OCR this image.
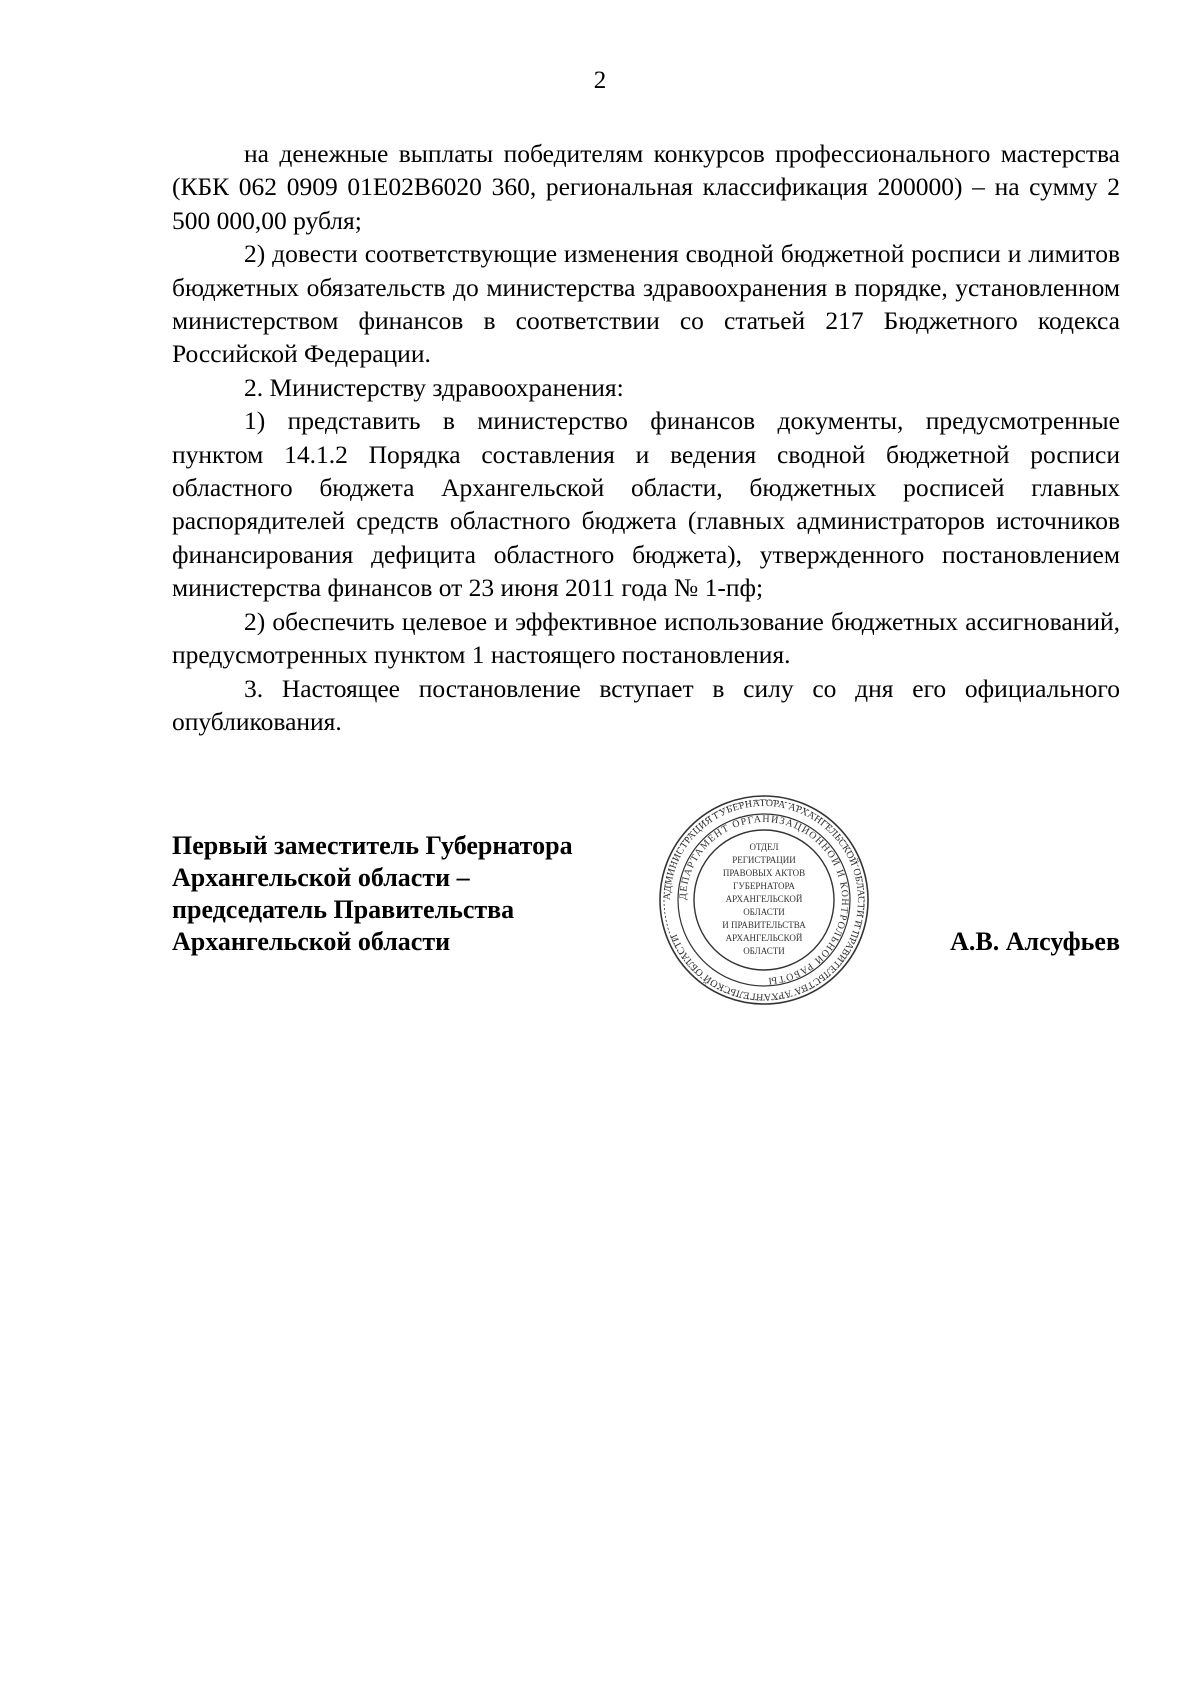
2

на денежные выплаты победителям конкурсов профессионального мастерства (КБК 062 0909 01Е02В6020 360, региональная классификация 200000) – на сумму 2 500 000,00 рубля;

2) довести соответствующие изменения сводной бюджетной росписи и лимитов бюджетных обязательств до министерства здравоохранения в порядке, установленном министерством финансов в соответствии со статьей 217 Бюджетного кодекса Российской Федерации.

2. Министерству здравоохранения:

1) представить в министерство финансов документы, предусмотренные пунктом 14.1.2 Порядка составления и ведения сводной бюджетной росписи областного бюджета Архангельской области, бюджетных росписей главных распорядителей средств областного бюджета (главных администраторов источников финансирования дефицита областного бюджета), утвержденного постановлением министерства финансов от 23 июня 2011 года № 1-пф;

2) обеспечить целевое и эффективное использование бюджетных ассигнований, предусмотренных пунктом 1 настоящего постановления.

3. Настоящее постановление вступает в силу со дня его официального опубликования.

Первый заместитель Губернатора
Архангельской области –
председатель Правительства
Архангельской области
АДМИНИСТРАЦИЯ ГУБЕРНАТОРА АРХАНГЕЛЬСКОЙ ОБЛАСТИ И ПРАВИТЕЛЬСТВА АРХАНГЕЛЬСКОЙ ОБЛАСТИ
ДЕПАРТАМЕНТ ОРГАНИЗАЦИОННОЙ И КОНТРОЛЬНОЙ РАБОТЫ
ОТДЕЛ
РЕГИСТРАЦИИ
ПРАВОВЫХ АКТОВ
ГУБЕРНАТОРА
АРХАНГЕЛЬСКОЙ
ОБЛАСТИ
И ПРАВИТЕЛЬСТВА
АРХАНГЕЛЬСКОЙ
ОБЛАСТИ	А.В. Алсуфьев
